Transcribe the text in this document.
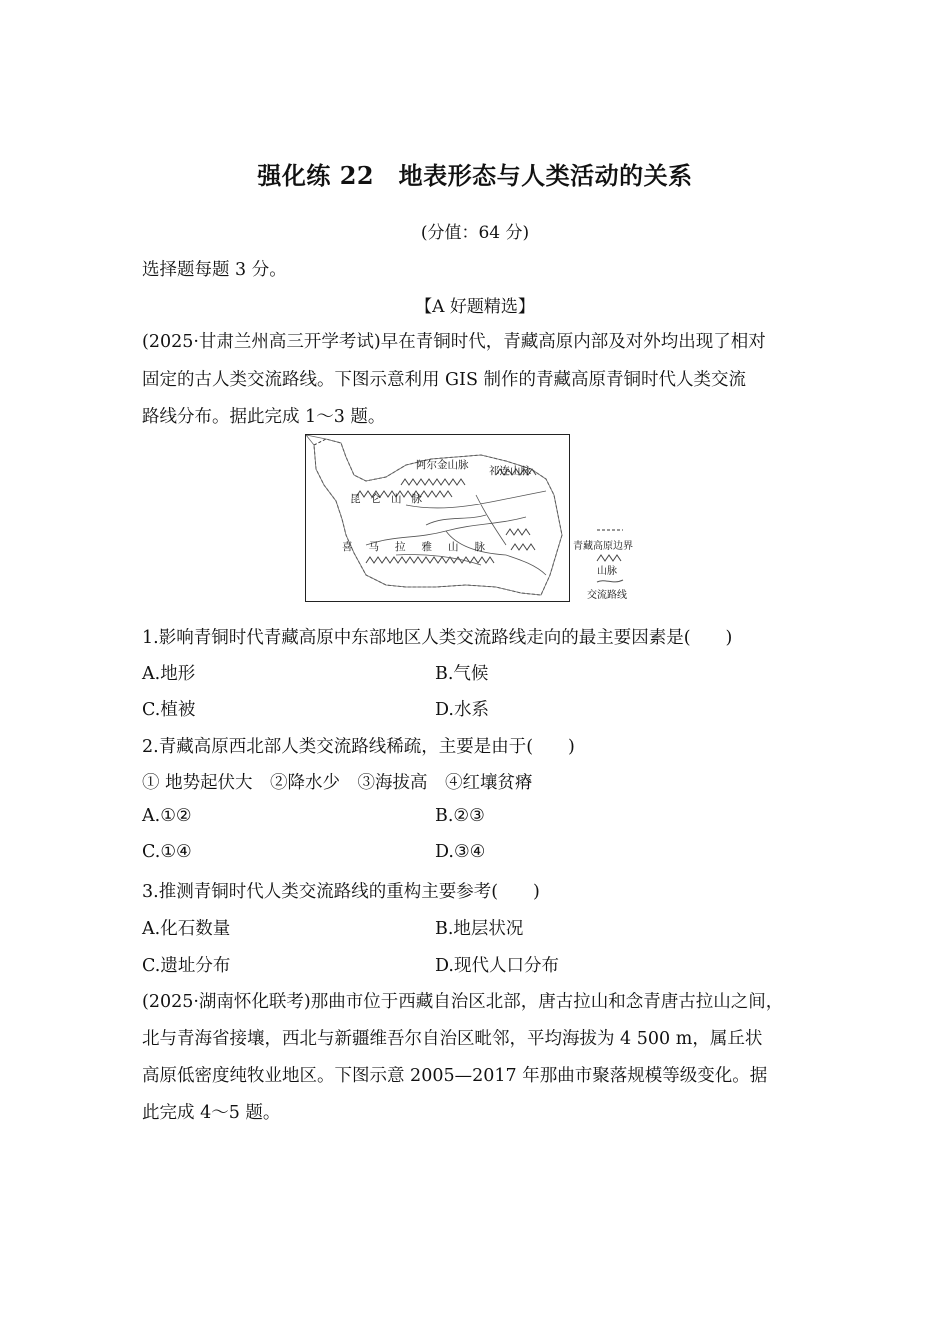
强化练 22　地表形态与人类活动的关系
(分值：64 分)
选择题每题 3 分。
【A 好题精选】
(2025·甘肃兰州高三开学考试)早在青铜时代，青藏高原内部及对外均出现了相对
固定的古人类交流路线。下图示意利用 GIS 制作的青藏高原青铜时代人类交流
路线分布。据此完成 1～3 题。
阿尔金山脉 祁连山脉
昆仑山脉
喜马拉雅山脉	青藏高原边界
山脉
交流路线
1.影响青铜时代青藏高原中东部地区人类交流路线走向的最主要因素是(　　)
A.地形	B.气候
C.植被	D.水系
2.青藏高原西北部人类交流路线稀疏，主要是由于(　　)
① 地势起伏大　②降水少　③海拔高　④红壤贫瘠
A.①②	B.②③
C.①④	D.③④
3.推测青铜时代人类交流路线的重构主要参考(　　)
A.化石数量	B.地层状况
C.遗址分布	D.现代人口分布
(2025·湖南怀化联考)那曲市位于西藏自治区北部，唐古拉山和念青唐古拉山之间，
北与青海省接壤，西北与新疆维吾尔自治区毗邻，平均海拔为 4 500 m，属丘状
高原低密度纯牧业地区。下图示意 2005—2017 年那曲市聚落规模等级变化。据
此完成 4～5 题。
